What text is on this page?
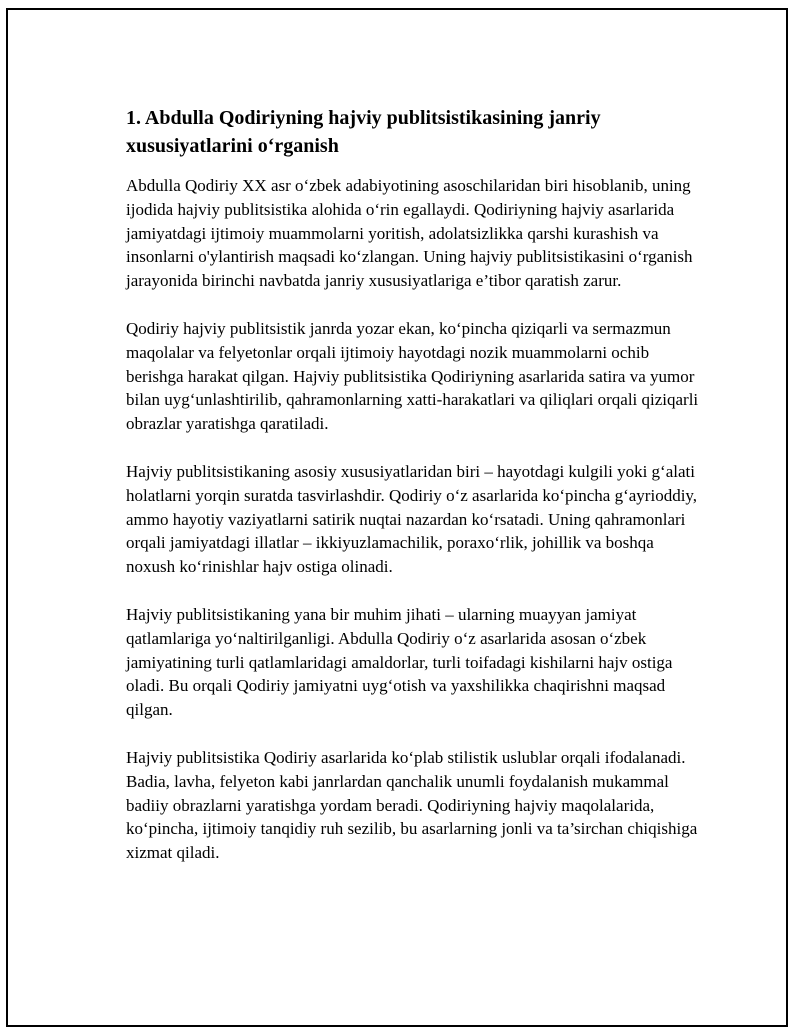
1. Abdulla Qodiriyning hajviy publitsistikasining janriy xususiyatlarini o‘rganish

Abdulla Qodiriy XX asr o‘zbek adabiyotining asoschilaridan biri hisoblanib, uning ijodida hajviy publitsistika alohida o‘rin egallaydi. Qodiriyning hajviy asarlarida jamiyatdagi ijtimoiy muammolarni yoritish, adolatsizlikka qarshi kurashish va insonlarni o'ylantirish maqsadi ko‘zlangan. Uning hajviy publitsistikasini o‘rganish jarayonida birinchi navbatda janriy xususiyatlariga e’tibor qaratish zarur.

Qodiriy hajviy publitsistik janrda yozar ekan, ko‘pincha qiziqarli va sermazmun maqolalar va felyetonlar orqali ijtimoiy hayotdagi nozik muammolarni ochib berishga harakat qilgan. Hajviy publitsistika Qodiriyning asarlarida satira va yumor bilan uyg‘unlashtirilib, qahramonlarning xatti-harakatlari va qiliqlari orqali qiziqarli obrazlar yaratishga qaratiladi.

Hajviy publitsistikaning asosiy xususiyatlaridan biri – hayotdagi kulgili yoki g‘alati holatlarni yorqin suratda tasvirlashdir. Qodiriy o‘z asarlarida ko‘pincha g‘ayrioddiy, ammo hayotiy vaziyatlarni satirik nuqtai nazardan ko‘rsatadi. Uning qahramonlari orqali jamiyatdagi illatlar – ikkiyuzlamachilik, poraxo‘rlik, johillik va boshqa noxush ko‘rinishlar hajv ostiga olinadi.

Hajviy publitsistikaning yana bir muhim jihati – ularning muayyan jamiyat qatlamlariga yo‘naltirilganligi. Abdulla Qodiriy o‘z asarlarida asosan o‘zbek jamiyatining turli qatlamlaridagi amaldorlar, turli toifadagi kishilarni hajv ostiga oladi. Bu orqali Qodiriy jamiyatni uyg‘otish va yaxshilikka chaqirishni maqsad qilgan.

Hajviy publitsistika Qodiriy asarlarida ko‘plab stilistik uslublar orqali ifodalanadi. Badia, lavha, felyeton kabi janrlardan qanchalik unumli foydalanish mukammal badiiy obrazlarni yaratishga yordam beradi. Qodiriyning hajviy maqolalarida, ko‘pincha, ijtimoiy tanqidiy ruh sezilib, bu asarlarning jonli va ta’sirchan chiqishiga xizmat qiladi.
